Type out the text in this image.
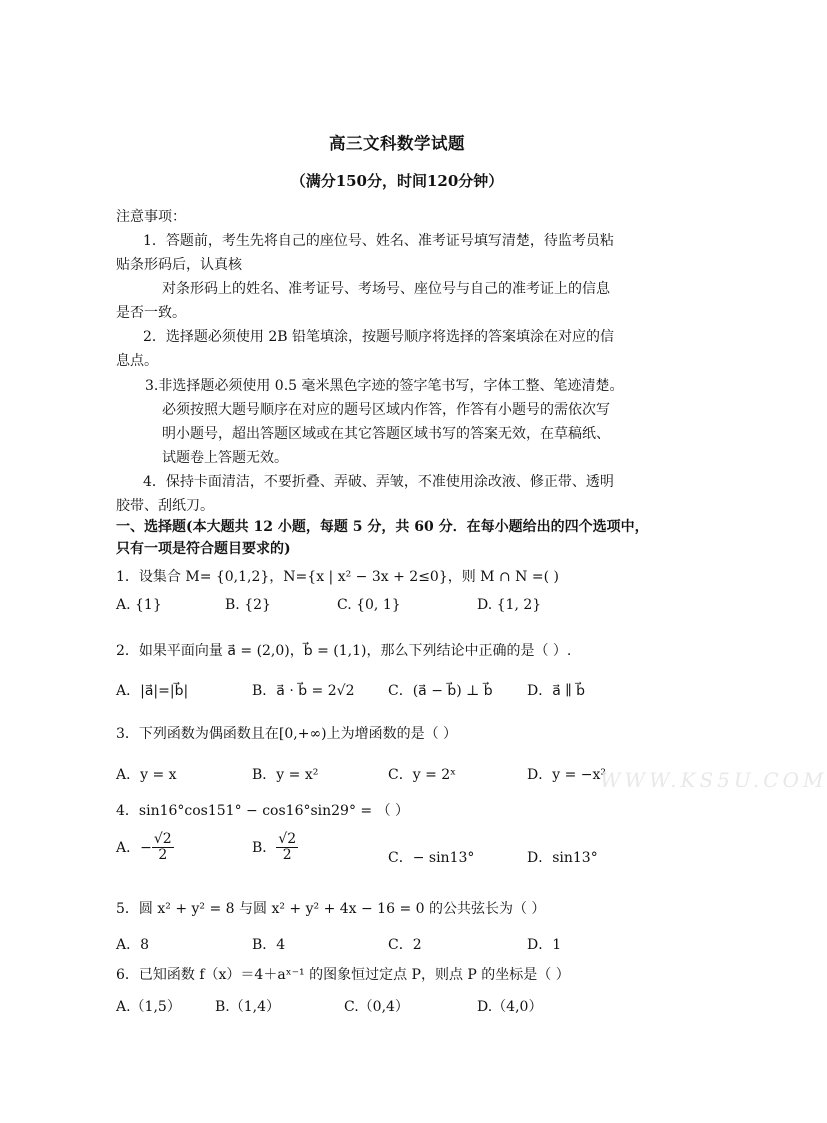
高三文科数学试题
（满分150分，时间120分钟）
注意事项：
1．答题前，考生先将自己的座位号、姓名、准考证号填写清楚，待监考员粘
贴条形码后，认真核
对条形码上的姓名、准考证号、考场号、座位号与自己的准考证上的信息
是否一致。
2．选择题必须使用 2B 铅笔填涂，按题号顺序将选择的答案填涂在对应的信
息点。
3.非选择题必须使用 0.5 毫米黑色字迹的签字笔书写，字体工整、笔迹清楚。
必须按照大题号顺序在对应的题号区域内作答，作答有小题号的需依次写
明小题号，超出答题区域或在其它答题区域书写的答案无效，在草稿纸、
试题卷上答题无效。
4．保持卡面清洁，不要折叠、弄破、弄皱，不准使用涂改液、修正带、透明
胶带、刮纸刀。
一、选择题(本大题共 12 小题，每题 5 分，共 60 分．在每小题给出的四个选项中，
只有一项是符合题目要求的)
1．设集合 M= {0,1,2}，N={x | x² − 3x + 2≤0}，则 M ∩ N =( )
A. {1}	B. {2}	C. {0, 1}	D. {1, 2}
2．如果平面向量 a⃗ = (2,0)，b⃗ = (1,1)，那么下列结论中正确的是（ ）.
A．|a⃗|=|b⃗|	B．a⃗ · b⃗ = 2√2 C．(a⃗ − b⃗) ⊥ b⃗ D．a⃗ ∥ b⃗
3．下列函数为偶函数且在[0,+∞)上为增函数的是（ ）
A．y = x	B．y = x²	C．y = 2ˣ	D．y = −x²
4．sin16°cos151° − cos16°sin29° = （ ）
A．− $\frac{√2}{2}$	B． $\frac{√2}{2}$	C．− sin13°	D．sin13°
5．圆 x² + y² = 8 与圆 x² + y² + 4x − 16 = 0 的公共弦长为（ ）
A．8	B．4	C．2	D．1
6．已知函数 f（x）＝4＋aˣ⁻¹ 的图象恒过定点 P，则点 P 的坐标是（ ）
A.（1,5） B.（1,4）	C.（0,4）	D.（4,0）
WWW.KS5U.COM
